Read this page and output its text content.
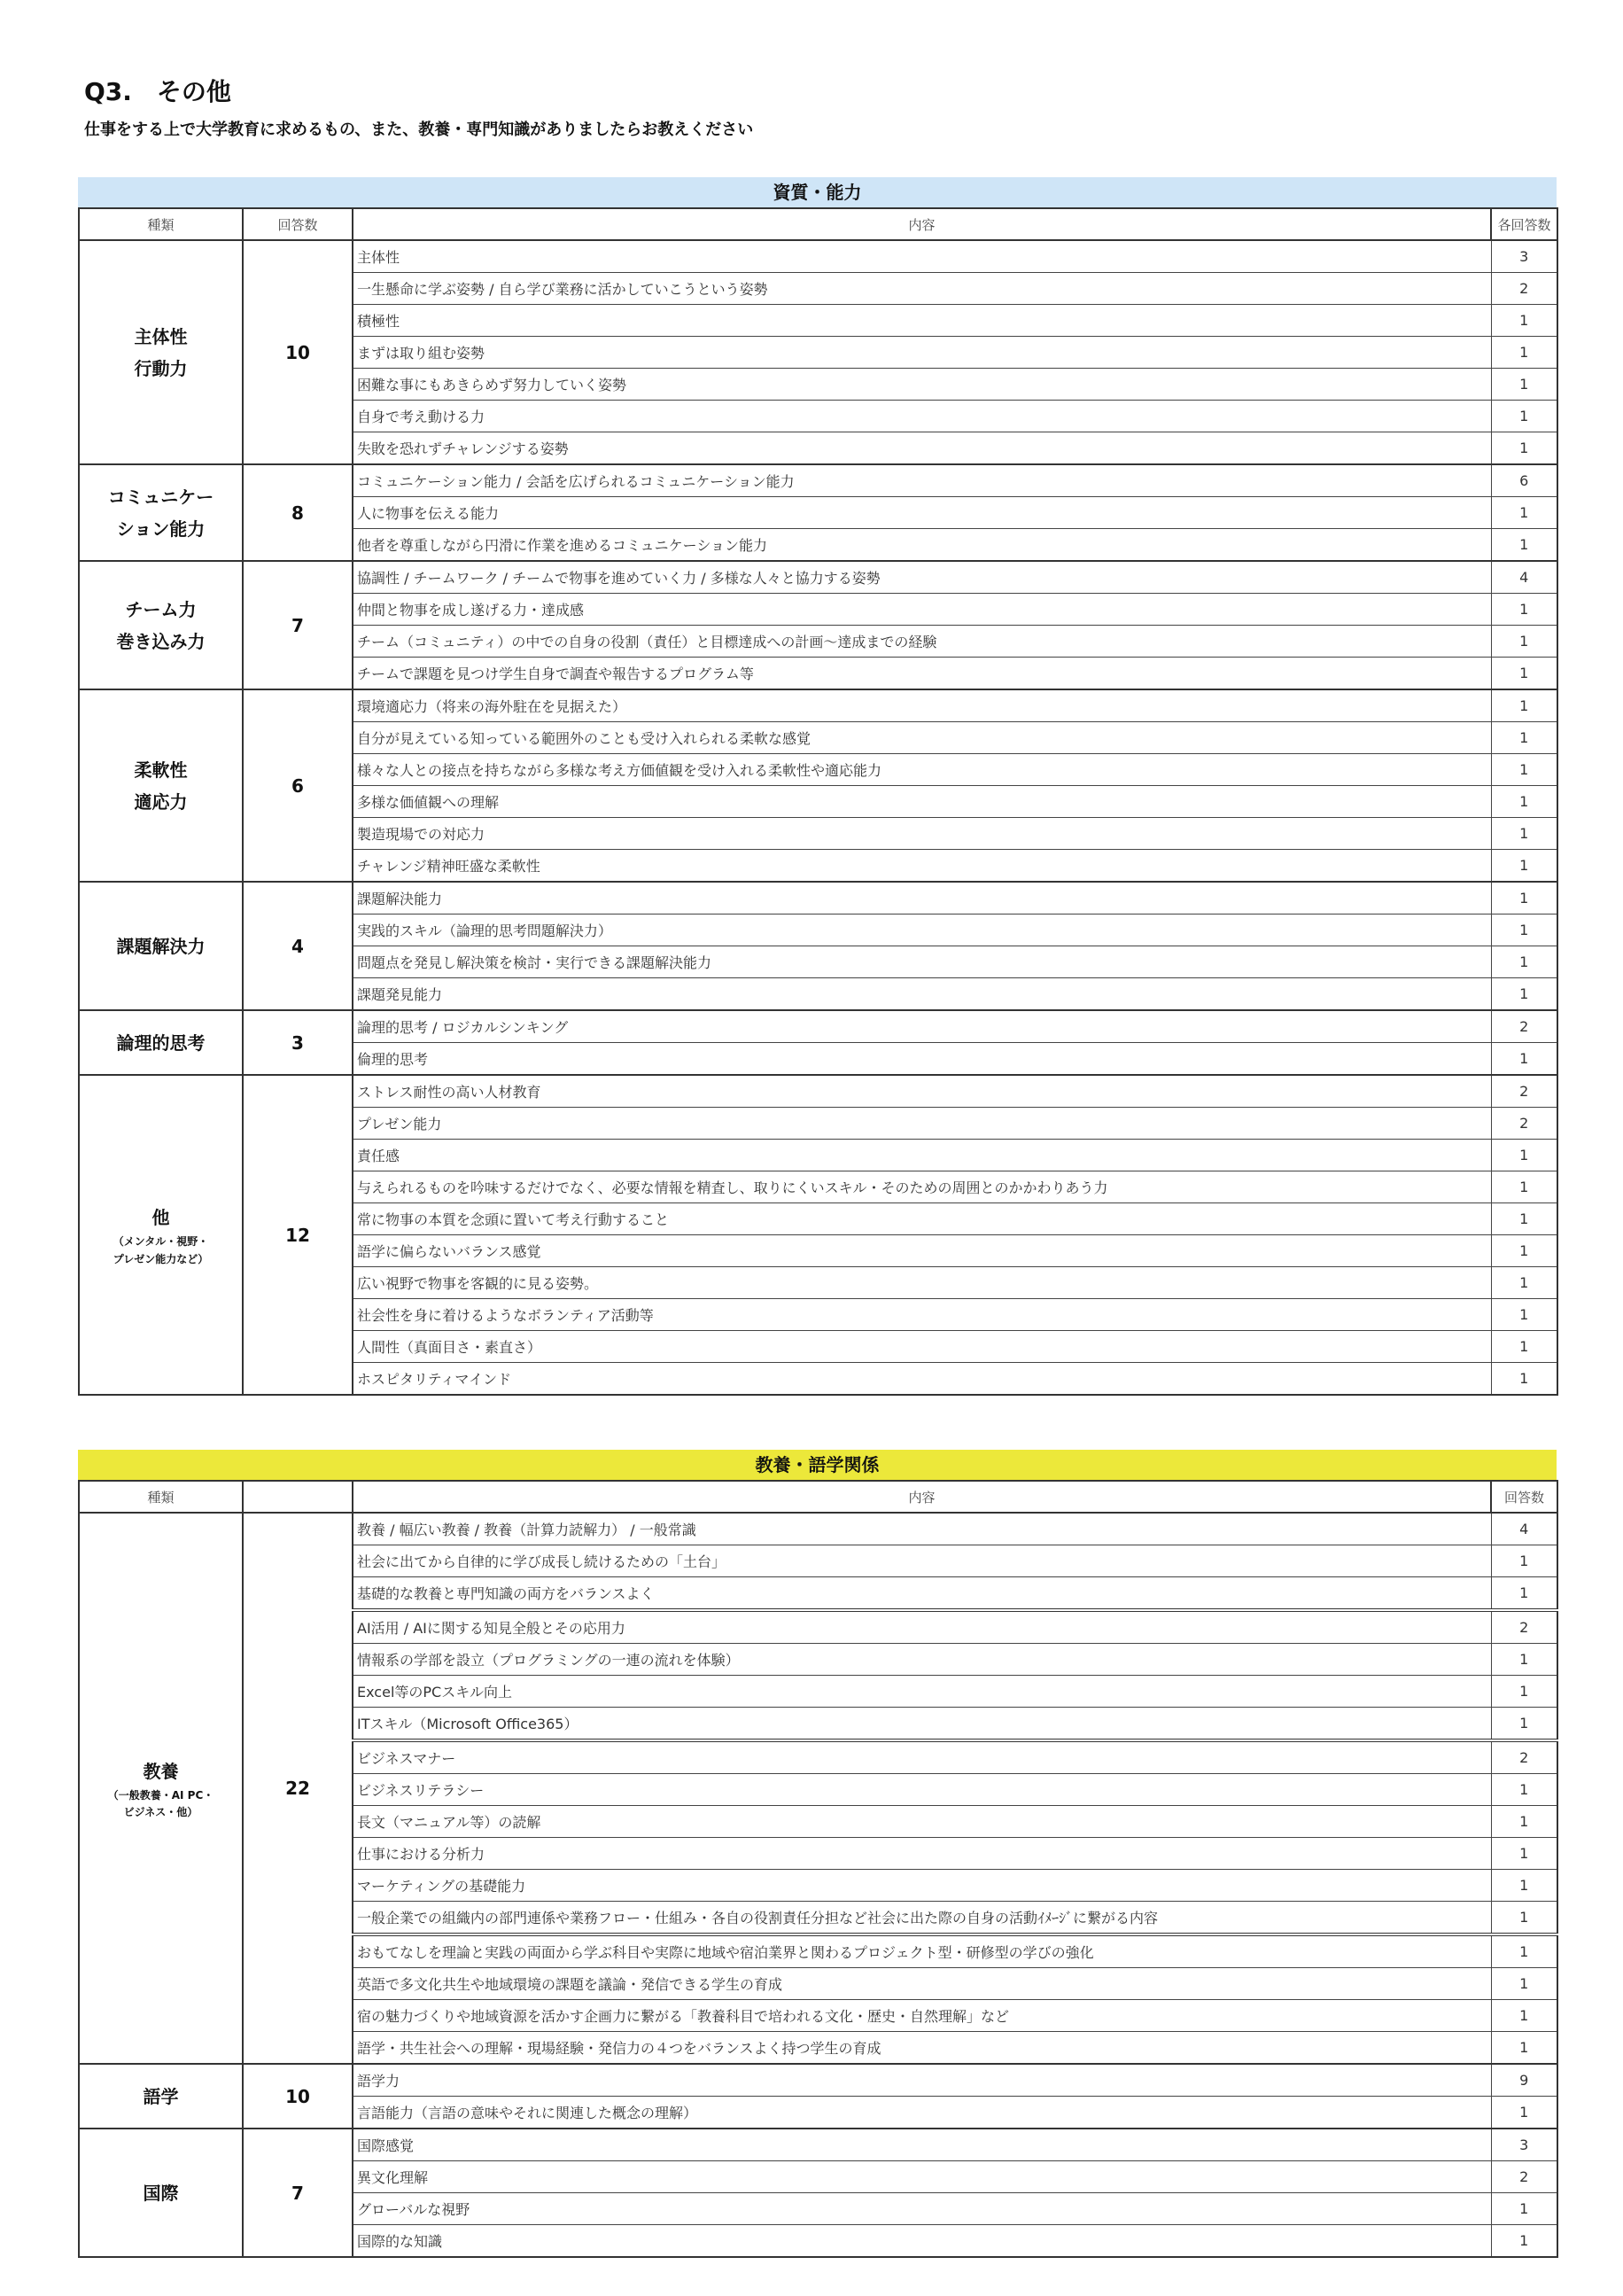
Q3.　その他
仕事をする上で大学教育に求めるもの、また、教養・専門知識がありましたらお教えください
資質・能力
種類	回答数	内容	各回答数

主体性
行動力	10	主体性	3
		一生懸命に学ぶ姿勢 / 自ら学び業務に活かしていこうという姿勢	2
		積極性	1
		まずは取り組む姿勢	1
		困難な事にもあきらめず努力していく姿勢	1
		自身で考え動ける力	1
		失敗を恐れずチャレンジする姿勢	1

コミュニケー
ション能力	8	コミュニケーション能力 / 会話を広げられるコミュニケーション能力	6
		人に物事を伝える能力	1
		他者を尊重しながら円滑に作業を進めるコミュニケーション能力	1

チーム力
巻き込み力	7	協調性 / チームワーク / チームで物事を進めていく力 / 多様な人々と協力する姿勢	4
		仲間と物事を成し遂げる力・達成感	1
		チーム（コミュニティ）の中での自身の役割（責任）と目標達成への計画〜達成までの経験	1
		チームで課題を見つけ学生自身で調査や報告するプログラム等	1

柔軟性
適応力	6	環境適応力（将来の海外駐在を見据えた）	1
		自分が見えている知っている範囲外のことも受け入れられる柔軟な感覚	1
		様々な人との接点を持ちながら多様な考え方価値観を受け入れる柔軟性や適応能力	1
		多様な価値観への理解	1
		製造現場での対応力	1
		チャレンジ精神旺盛な柔軟性	1

課題解決力	4	課題解決能力	1
		実践的スキル（論理的思考問題解決力）	1
		問題点を発見し解決策を検討・実行できる課題解決能力	1
		課題発見能力	1

論理的思考	3	論理的思考 / ロジカルシンキング	2
		倫理的思考	1

他
（メンタル・視野・
プレゼン能力など）	12	ストレス耐性の高い人材教育	2
		プレゼン能力	2
		責任感	1
		与えられるものを吟味するだけでなく、必要な情報を精査し、取りにくいスキル・そのための周囲とのかかわりあう力	1
		常に物事の本質を念頭に置いて考え行動すること	1
		語学に偏らないバランス感覚	1
		広い視野で物事を客観的に見る姿勢。	1
		社会性を身に着けるようなボランティア活動等	1
		人間性（真面目さ・素直さ）	1
		ホスピタリティマインド	1
教養・語学関係
種類		内容	回答数

教養
（一般教養・AI PC・
ビジネス・他）	22	教養 / 幅広い教養 / 教養（計算力読解力） / 一般常識	4
		社会に出てから自律的に学び成長し続けるための「土台」	1
		基礎的な教養と専門知識の両方をバランスよく	1
		AI活用 / AIに関する知見全般とその応用力	2
		情報系の学部を設立（プログラミングの一連の流れを体験）	1
		Excel等のPCスキル向上	1
		ITスキル（Microsoft Office365）	1
		ビジネスマナー	2
		ビジネスリテラシー	1
		長文（マニュアル等）の読解	1
		仕事における分析力	1
		マーケティングの基礎能力	1
		一般企業での組織内の部門連係や業務フロー・仕組み・各自の役割責任分担など社会に出た際の自身の活動ｲﾒｰｼﾞに繋がる内容	1
		おもてなしを理論と実践の両面から学ぶ科目や実際に地域や宿泊業界と関わるプロジェクト型・研修型の学びの強化	1
		英語で多文化共生や地域環境の課題を議論・発信できる学生の育成	1
		宿の魅力づくりや地域資源を活かす企画力に繋がる「教養科目で培われる文化・歴史・自然理解」など	1
		語学・共生社会への理解・現場経験・発信力の４つをバランスよく持つ学生の育成	1

語学	10	語学力	9
		言語能力（言語の意味やそれに関連した概念の理解）	1

国際	7	国際感覚	3
		異文化理解	2
		グローバルな視野	1
		国際的な知識	1
